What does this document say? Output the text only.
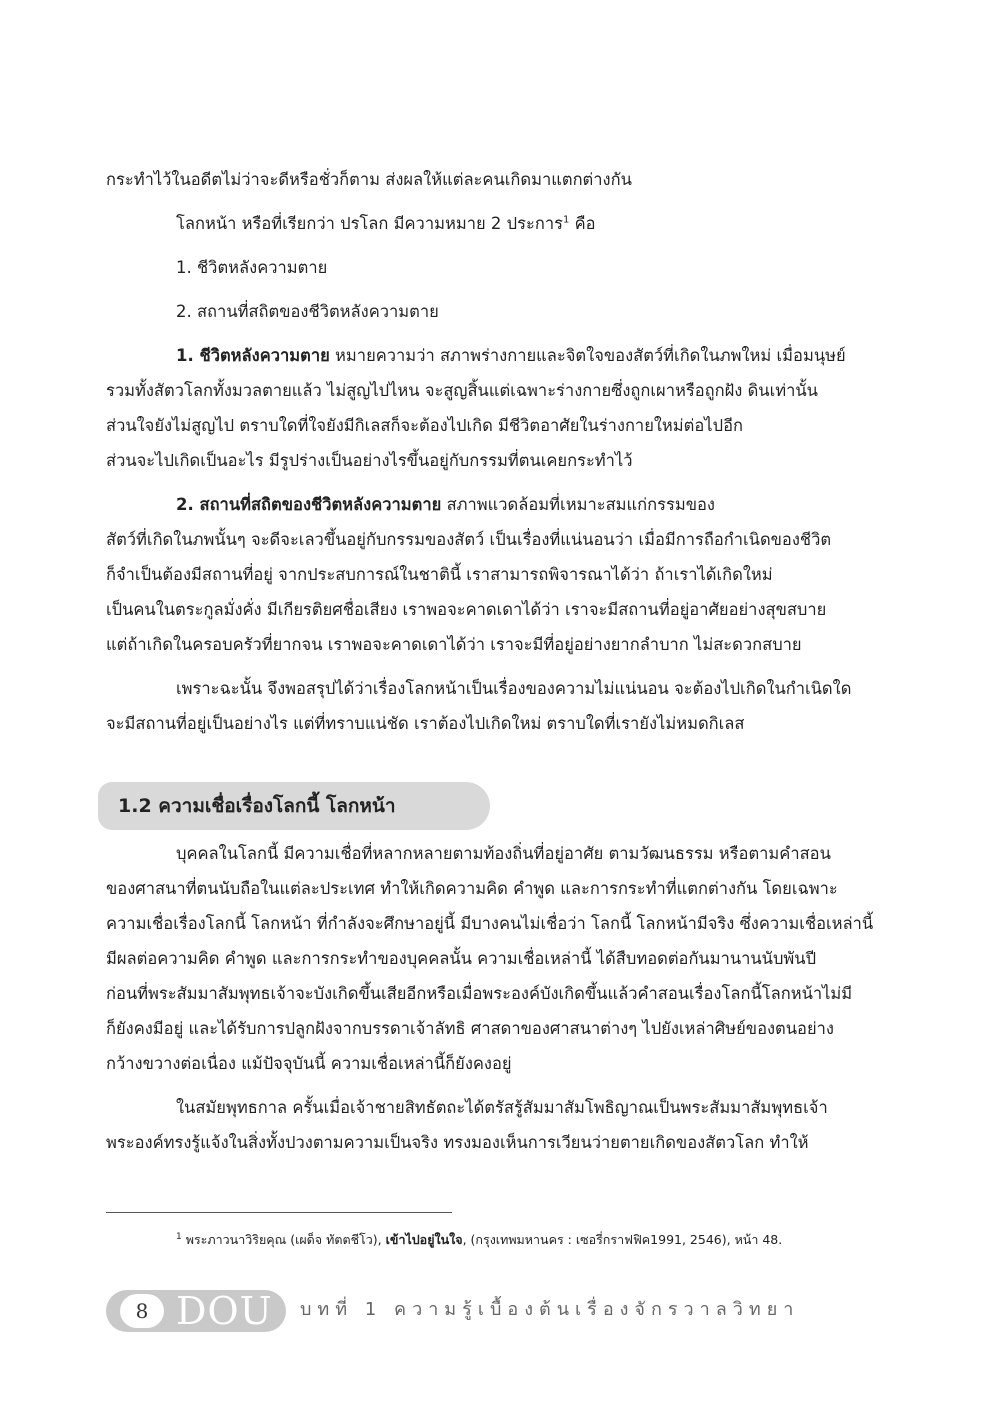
กระทำไว้ในอดีตไม่ว่าจะดีหรือชั่วก็ตาม ส่งผลให้แต่ละคนเกิดมาแตกต่างกัน
โลกหน้า หรือที่เรียกว่า ปรโลก มีความหมาย 2 ประการ$^1$ คือ
1. ชีวิตหลังความตาย
2. สถานที่สถิตของชีวิตหลังความตาย
1. ชีวิตหลังความตาย หมายความว่า สภาพร่างกายและจิตใจของสัตว์ที่เกิดในภพใหม่ เมื่อมนุษย์
รวมทั้งสัตวโลกทั้งมวลตายแล้ว ไม่สูญไปไหน จะสูญสิ้นแต่เฉพาะร่างกายซึ่งถูกเผาหรือถูกฝัง ดินเท่านั้น
ส่วนใจยังไม่สูญไป ตราบใดที่ใจยังมีกิเลสก็จะต้องไปเกิด มีชีวิตอาศัยในร่างกายใหม่ต่อไปอีก
ส่วนจะไปเกิดเป็นอะไร มีรูปร่างเป็นอย่างไรขึ้นอยู่กับกรรมที่ตนเคยกระทำไว้
2. สถานที่สถิตของชีวิตหลังความตาย สภาพแวดล้อมที่เหมาะสมแก่กรรมของ
สัตว์ที่เกิดในภพนั้นๆ จะดีจะเลวขึ้นอยู่กับกรรมของสัตว์ เป็นเรื่องที่แน่นอนว่า เมื่อมีการถือกำเนิดของชีวิต
ก็จำเป็นต้องมีสถานที่อยู่ จากประสบการณ์ในชาตินี้ เราสามารถพิจารณาได้ว่า ถ้าเราได้เกิดใหม่
เป็นคนในตระกูลมั่งคั่ง มีเกียรติยศชื่อเสียง เราพอจะคาดเดาได้ว่า เราจะมีสถานที่อยู่อาศัยอย่างสุขสบาย
แต่ถ้าเกิดในครอบครัวที่ยากจน เราพอจะคาดเดาได้ว่า เราจะมีที่อยู่อย่างยากลำบาก ไม่สะดวกสบาย
เพราะฉะนั้น จึงพอสรุปได้ว่าเรื่องโลกหน้าเป็นเรื่องของความไม่แน่นอน จะต้องไปเกิดในกำเนิดใด
จะมีสถานที่อยู่เป็นอย่างไร แต่ที่ทราบแน่ชัด เราต้องไปเกิดใหม่ ตราบใดที่เรายังไม่หมดกิเลส
1.2 ความเชื่อเรื่องโลกนี้ โลกหน้า
บุคคลในโลกนี้ มีความเชื่อที่หลากหลายตามท้องถิ่นที่อยู่อาศัย ตามวัฒนธรรม หรือตามคำสอน
ของศาสนาที่ตนนับถือในแต่ละประเทศ ทำให้เกิดความคิด คำพูด และการกระทำที่แตกต่างกัน โดยเฉพาะ
ความเชื่อเรื่องโลกนี้ โลกหน้า ที่กำลังจะศึกษาอยู่นี้ มีบางคนไม่เชื่อว่า โลกนี้ โลกหน้ามีจริง ซึ่งความเชื่อเหล่านี้
มีผลต่อความคิด คำพูด และการกระทำของบุคคลนั้น ความเชื่อเหล่านี้ ได้สืบทอดต่อกันมานานนับพันปี
ก่อนที่พระสัมมาสัมพุทธเจ้าจะบังเกิดขึ้นเสียอีกหรือเมื่อพระองค์บังเกิดขึ้นแล้วคำสอนเรื่องโลกนี้โลกหน้าไม่มี
ก็ยังคงมีอยู่ และได้รับการปลูกฝังจากบรรดาเจ้าลัทธิ ศาสดาของศาสนาต่างๆ ไปยังเหล่าศิษย์ของตนอย่าง
กว้างขวางต่อเนื่อง แม้ปัจจุบันนี้ ความเชื่อเหล่านี้ก็ยังคงอยู่
ในสมัยพุทธกาล ครั้นเมื่อเจ้าชายสิทธัตถะได้ตรัสรู้สัมมาสัมโพธิญาณเป็นพระสัมมาสัมพุทธเจ้า
พระองค์ทรงรู้แจ้งในสิ่งทั้งปวงตามความเป็นจริง ทรงมองเห็นการเวียนว่ายตายเกิดของสัตวโลก ทำให้
$^1$ พระภาวนาวิริยคุณ (เผด็จ ทัตตชีโว), เข้าไปอยู่ในใจ, (กรุงเทพมหานคร : เซอรี่กราฟฟิค1991, 2546), หน้า 48.
8 DOU บทที่ 1 ความรู้เบื้องต้นเรื่องจักรวาลวิทยา
